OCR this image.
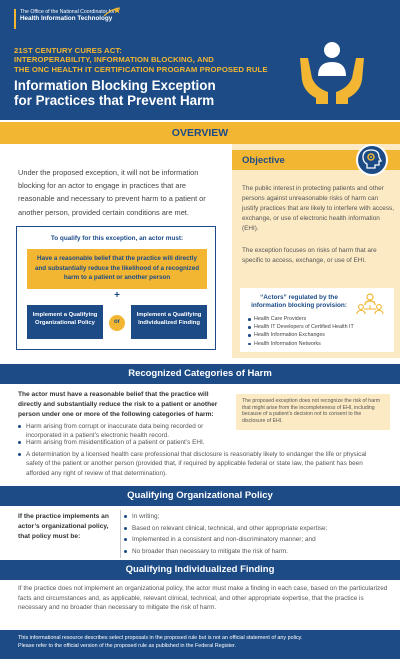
The Office of the National Coordinator for
Health Information Technology
21ST CENTURY CURES ACT:
INTEROPERABILITY, INFORMATION BLOCKING, AND
THE ONC HEALTH IT CERTIFICATION PROGRAM PROPOSED RULE
Information Blocking Exception
for Practices that Prevent Harm
OVERVIEW
Under the proposed exception, it will not be information blocking for an actor to engage in practices that are reasonable and necessary to prevent harm to a patient or another person, provided certain conditions are met.
To qualify for this exception, an actor must:
Have a reasonable belief that the practice will directly and substantially reduce the likelihood of a recognized harm to a patient or another person
+
Implement a Qualifying Organizational Policy	or
Implement a Qualifying Individualized Finding
Objective
The public interest in protecting patients and other persons against unreasonable risks of harm can justify practices that are likely to interfere with access, exchange, or use of electronic health information (EHI).
The exception focuses on risks of harm that are specific to access, exchange, or use of EHI.
“Actors” regulated by the information blocking provision:
Health Care Providers
Health IT Developers of Certified Health IT
Health Information Exchanges
Health Information Networks
Recognized Categories of Harm
The actor must have a reasonable belief that the practice will directly and substantially reduce the risk to a patient or another person under one or more of the following categories of harm:
Harm arising from corrupt or inaccurate data being recorded or incorporated in a patient’s electronic health record.
Harm arising from misidentification of a patient or patient’s EHI.
A determination by a licensed health care professional that disclosure is reasonably likely to endanger the life or physical safety of the patient or another person (provided that, if required by applicable federal or state law, the patient has been afforded any right of review of that determination).
The proposed exception does not recognize the risk of harm that might arise from the incompleteness of EHI, including because of a patient’s decision not to consent to the disclosure of EHI.
Qualifying Organizational Policy
If the practice implements an actor’s organizational policy, that policy must be:
In writing;
Based on relevant clinical, technical, and other appropriate expertise;
Implemented in a consistent and non-discriminatory manner; and
No broader than necessary to mitigate the risk of harm.
Qualifying Individualized Finding
If the practice does not implement an organizational policy, the actor must make a finding in each case, based on the particularized facts and circumstances and, as applicable, relevant clinical, technical, and other appropriate expertise, that the practice is necessary and no broader than necessary to mitigate the risk of harm.
This informational resource describes select proposals in the proposed rule but is not an official statement of any policy.
Please refer to the official version of the proposed rule as published in the Federal Register.
